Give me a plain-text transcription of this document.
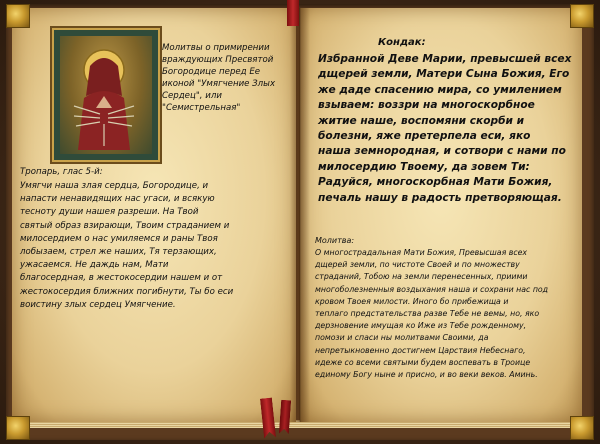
Молитвы о примирении враждующих Пресвятой Богородице перед Ее иконой "Умягчение Злых Сердец", или "Семистрельная"
Тропарь, глас 5-й:
Умягчи наша злая сердца, Богородице, и
напасти ненавидящих нас угаси, и всякую
тесноту души нашея разреши. На Твой
святый образ взирающи, Твоим страданием и
милосердием о нас умиляемся и раны Твоя
лобызаем, стрел же наших, Тя терзающих,
ужасаемся. Не даждь нам, Мати
благосердная, в жестокосердии нашем и от
жестокосердия ближних погибнути, Ты бо еси
воистину злых сердец Умягчение.
Кондак:
Избранной Деве Марии, превысшей всех
дщерей земли, Матери Сына Божия, Его
же даде спасению мира, со умилением
взываем: воззри на многоскорбное
житие наше, воспомяни скорби и
болезни, яже претерпела еси, яко
наша земнородная, и сотвори с нами по
милосердию Твоему, да зовем Ти:
Радуйся, многоскорбная Мати Божия,
печаль нашу в радость претворяющая.
Молитва:
О многострадальная Мати Божия, Превысшая всех
дщерей земли, по чистоте Своей и по множеству
страданий, Тобою на земли перенесенных, приими
многоболезненныя воздыхания наша и сохрани нас под
кровом Твоея милости. Иного бо прибежища и
теплаго предстательства разве Тебе не вемы, но, яко
дерзновение имущая ко Иже из Тебе рожденному,
помози и спаси ны молитвами Своими, да
непретыкновенно достигнем Царствия Небеснаго,
идеже со всеми святыми будем воспевать в Троице
единому Богу ныне и присно, и во веки веков. Аминь.
